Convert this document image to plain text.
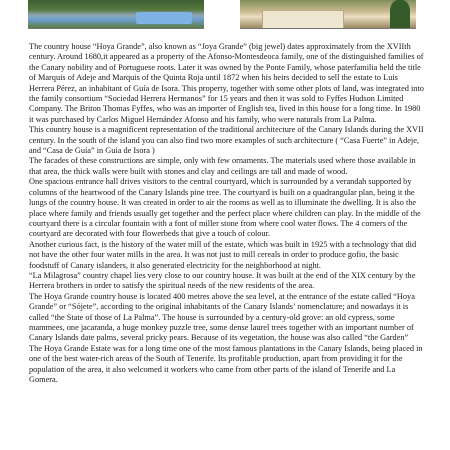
The country house “Hoya Grande”, also known as “Joya Grande” (big jewel) dates approximately from the XVIIth century. Around 1680,it appeared as a property of the Afonso-Montesdeoca family, one of the distinguished families of the Canary nobility and of Portuguese roots. Later it was owned by the Ponte Family, whose paterfamilia held the title of Marquis of Adeje and Marquis of the Quinta Roja until 1872 when his heirs decided to sell the estate to Luis Herrera Pérez, an inhabitant of Guía de Isora. This property, together with some other plots of land, was integrated into the family consortium “Sociedad Herrera Hermanos” for 15 years and then it was sold to Fyffes Hudson Limited Company. The Briton Thomas Fyffes, who was an importer of English tea, lived in this house for a long time. In 1980 it was purchased by Carlos Miguel Hernández Afonso and his family, who were naturals from La Palma.

This country house is a magnificent representation of the traditional architecture of the Canary Islands during the XVII century. In the south of the island you can also find two more examples of such architecture ( “Casa Fuerte” in Adeje, and “Casa de Guía” in Guía de Isora )

The facades of these constructions are simple, only with few ornaments. The materials used where those available in that area, the thick walls were built with stones and clay and ceilings are tall and made of wood.

One spacious entrance hall drives visitors to the central courtyard, which is surrounded by a verandah supported by columns of the heartwood of the Canary Islands pine tree. The courtyard is built on a quadrangular plan, being it the lungs of the country house. It was created in order to air the rooms as well as to illuminate the dwelling. It is also the place where family and friends usually get together and the perfect place where children can play. In the middle of the courtyard there is a circular fountain with a font of miller stone from where cool water flows. The 4 corners of the courtyard are decorated with four flowerbeds that give a touch of colour.

Another curious fact, is the history of the water mill of the estate, which was built in 1925 with a technology that did not have the other four water mills in the area. It was not just to mill cereals in order to produce gofio, the basic foodstuff of Canary islanders, it also generated electricity for the neighborhood at night.

“La Milagrosa” country chapel lies very close to our country house. It was built at the end of the XIX century by the Herrera brothers in order to satisfy the spiritual needs of the new residents of the area.

The Hoya Grande country house is located 400 metres above the sea level, at the entrance of the estate called “Hoya Grande” or “Sójete”, according to the original inhabitants of the Canary Islands’ nomenclature; and nowadays it is called “the State of those of La Palma”. The house is surrounded by a century-old grove: an old cypress, some mammees, one jacaranda, a huge monkey puzzle tree, some dense laurel trees together with an important number of Canary Islands date palms, several pricky pears. Because of its vegetation, the house was also called “the Garden”

The Hoya Grande Estate was for a long time one of the most famous plantations in the Canary Islands, being placed in one of the best water-rich areas of the South of Tenerife. Its profitable production, apart from providing it for the population of the area, it also welcomed it workers who came from other parts of the island of Tenerife and La Gomera.
